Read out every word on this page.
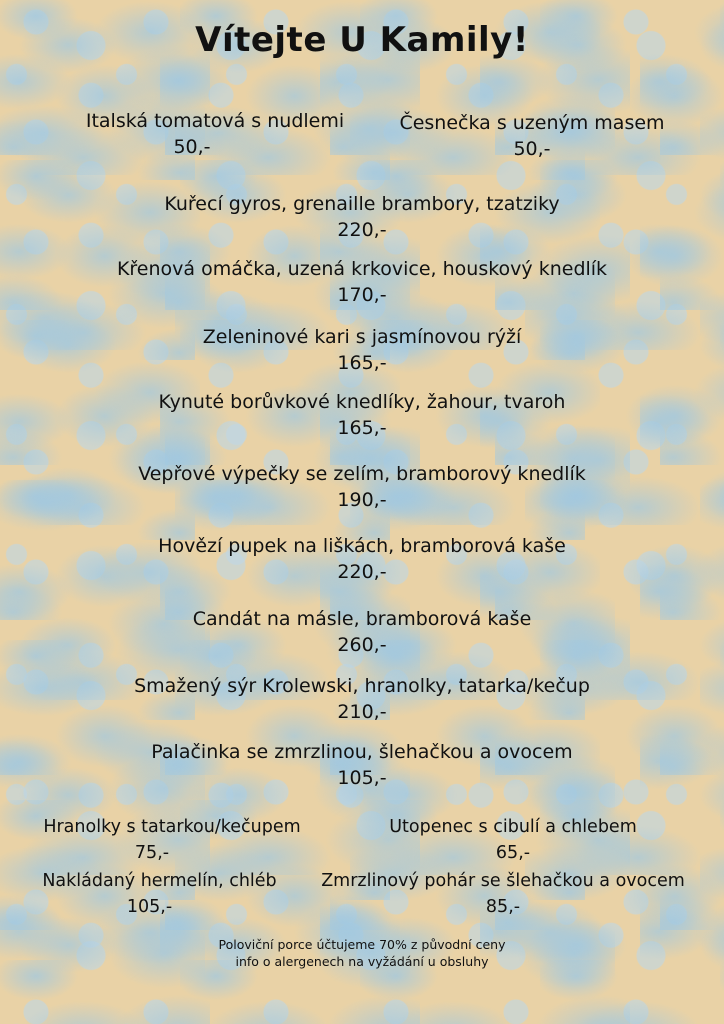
Vítejte U Kamily!
Italská tomatová s nudlemi
50,-
Česnečka s uzeným masem
50,-
Kuřecí gyros, grenaille brambory, tzatziky
220,-
Křenová omáčka, uzená krkovice, houskový knedlík
170,-
Zeleninové kari s jasmínovou rýží
165,-
Kynuté borůvkové knedlíky, žahour, tvaroh
165,-
Vepřové výpečky se zelím, bramborový knedlík
190,-
Hovězí pupek na liškách, bramborová kaše
220,-
Candát na másle, bramborová kaše
260,-
Smažený sýr Krolewski, hranolky, tatarka/kečup
210,-
Palačinka se zmrzlinou, šlehačkou a ovocem
105,-
Hranolky s tatarkou/kečupem
75,-
Utopenec s cibulí a chlebem
65,-
Nakládaný hermelín, chléb
105,-
Zmrzlinový pohár se šlehačkou a ovocem
85,-
Poloviční porce účtujeme 70% z původní ceny
info o alergenech na vyžádání u obsluhy
